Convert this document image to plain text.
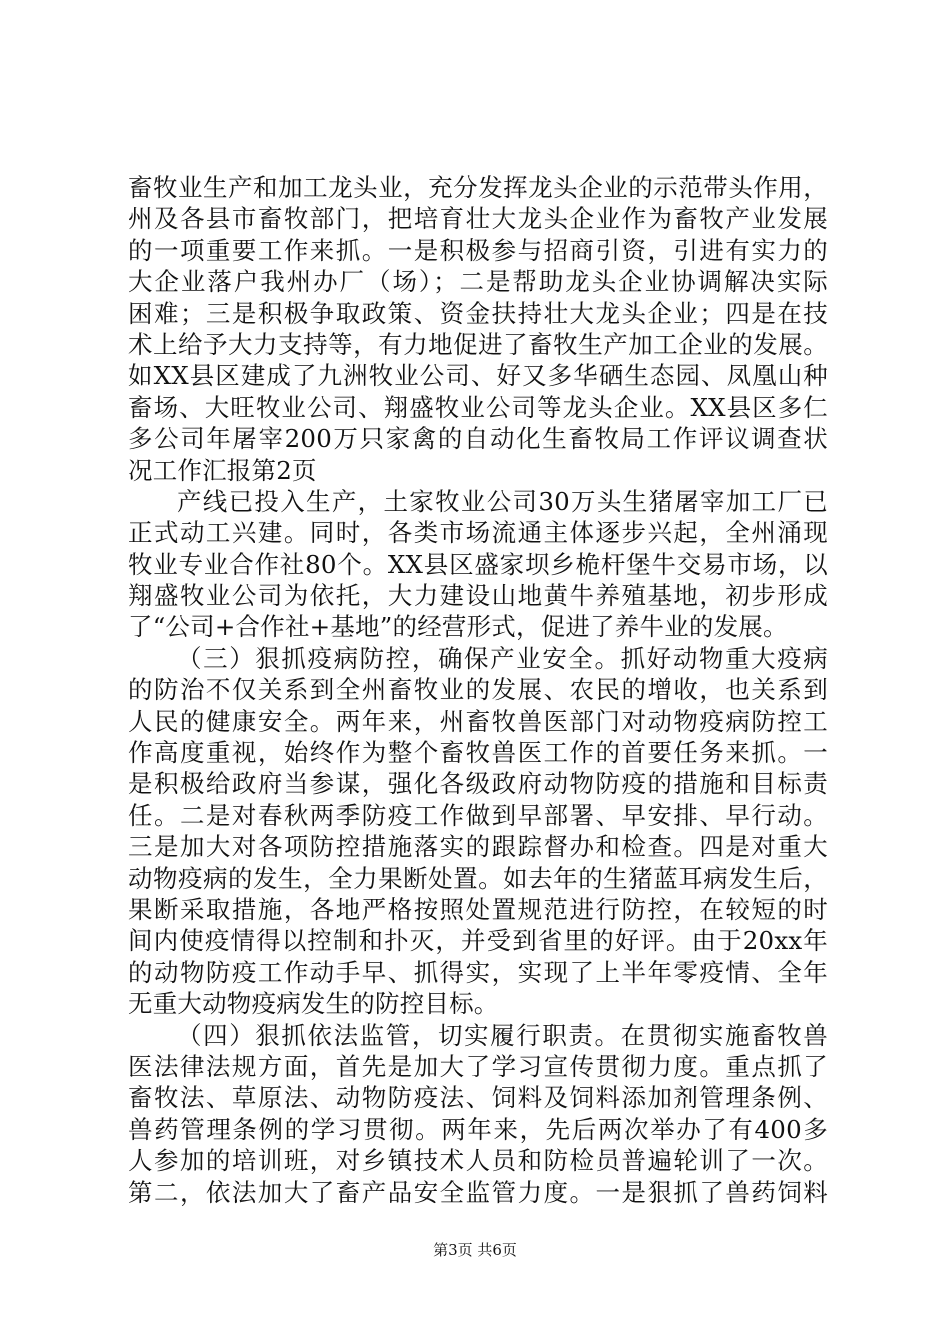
畜牧业生产和加工龙头业，充分发挥龙头企业的示范带头作用，
州及各县市畜牧部门，把培育壮大龙头企业作为畜牧产业发展
的一项重要工作来抓。一是积极参与招商引资，引进有实力的
大企业落户我州办厂（场）；二是帮助龙头企业协调解决实际
困难；三是积极争取政策、资金扶持壮大龙头企业；四是在技
术上给予大力支持等，有力地促进了畜牧生产加工企业的发展。
如XX县区建成了九洲牧业公司、好又多华硒生态园、凤凰山种
畜场、大旺牧业公司、翔盛牧业公司等龙头企业。XX县区多仁
多公司年屠宰200万只家禽的自动化生畜牧局工作评议调查状
况工作汇报第2页
产线已投入生产，土家牧业公司30万头生猪屠宰加工厂已
正式动工兴建。同时，各类市场流通主体逐步兴起，全州涌现
牧业专业合作社80个。XX县区盛家坝乡桅杆堡牛交易市场，以
翔盛牧业公司为依托，大力建设山地黄牛养殖基地，初步形成
了“公司+合作社+基地”的经营形式，促进了养牛业的发展。
（三）狠抓疫病防控，确保产业安全。抓好动物重大疫病
的防治不仅关系到全州畜牧业的发展、农民的增收，也关系到
人民的健康安全。两年来，州畜牧兽医部门对动物疫病防控工
作高度重视，始终作为整个畜牧兽医工作的首要任务来抓。一
是积极给政府当参谋，强化各级政府动物防疫的措施和目标责
任。二是对春秋两季防疫工作做到早部署、早安排、早行动。
三是加大对各项防控措施落实的跟踪督办和检查。四是对重大
动物疫病的发生，全力果断处置。如去年的生猪蓝耳病发生后，
果断采取措施，各地严格按照处置规范进行防控，在较短的时
间内使疫情得以控制和扑灭，并受到省里的好评。由于20xx年
的动物防疫工作动手早、抓得实，实现了上半年零疫情、全年
无重大动物疫病发生的防控目标。
（四）狠抓依法监管，切实履行职责。在贯彻实施畜牧兽
医法律法规方面，首先是加大了学习宣传贯彻力度。重点抓了
畜牧法、草原法、动物防疫法、饲料及饲料添加剂管理条例、
兽药管理条例的学习贯彻。两年来，先后两次举办了有400多
人参加的培训班，对乡镇技术人员和防检员普遍轮训了一次。
第二，依法加大了畜产品安全监管力度。一是狠抓了兽药饲料
第3页 共6页
